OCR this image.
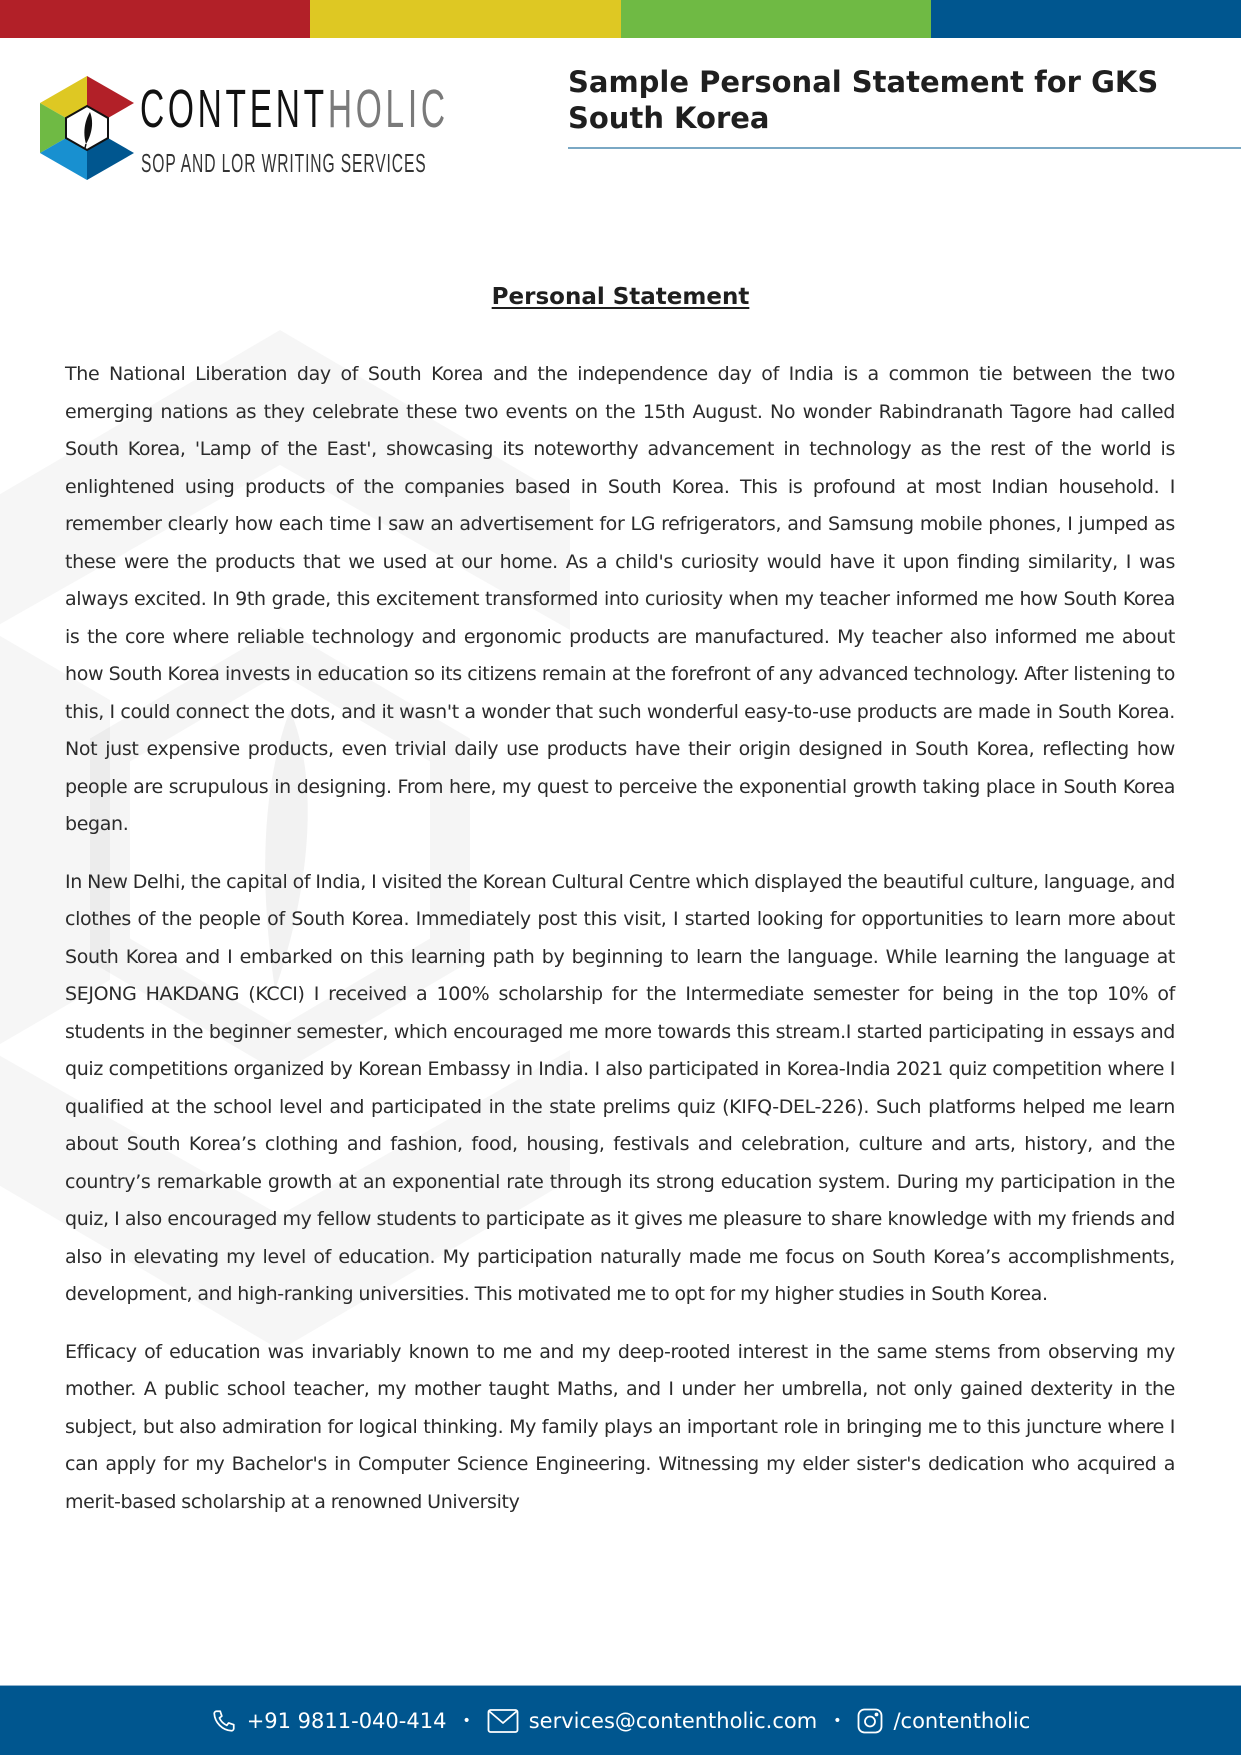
CONTENTHOLIC
SOP AND LOR WRITING SERVICES
Sample Personal Statement for GKS South Korea
Personal Statement

The National Liberation day of South Korea and the independence day of India is a common tie between the two emerging nations as they celebrate these two events on the 15th August. No wonder Rabindranath Tagore had called South Korea, 'Lamp of the East', showcasing its noteworthy advancement in technology as the rest of the world is enlightened using products of the companies based in South Korea. This is profound at most Indian household. I remember clearly how each time I saw an advertisement for LG refrigerators, and Samsung mobile phones, I jumped as these were the products that we used at our home. As a child's curiosity would have it upon finding similarity, I was always excited. In 9th grade, this excitement transformed into curiosity when my teacher informed me how South Korea is the core where reliable technology and ergonomic products are manufactured. My teacher also informed me about how South Korea invests in education so its citizens remain at the forefront of any advanced technology. After listening to this, I could connect the dots, and it wasn't a wonder that such wonderful easy-to-use products are made in South Korea. Not just expensive products, even trivial daily use products have their origin designed in South Korea, reflecting how people are scrupulous in designing. From here, my quest to perceive the exponential growth taking place in South Korea began.

In New Delhi, the capital of India, I visited the Korean Cultural Centre which displayed the beautiful culture, language, and clothes of the people of South Korea. Immediately post this visit, I started looking for opportunities to learn more about South Korea and I embarked on this learning path by beginning to learn the language. While learning the language at SEJONG HAKDANG (KCCI) I received a 100% scholarship for the Intermediate semester for being in the top 10% of students in the beginner semester, which encouraged me more towards this stream.I started participating in essays and quiz competitions organized by Korean Embassy in India. I also participated in Korea-India 2021 quiz competition where I qualified at the school level and participated in the state prelims quiz (KIFQ-DEL-226). Such platforms helped me learn about South Korea’s clothing and fashion, food, housing, festivals and celebration, culture and arts, history, and the country’s remarkable growth at an exponential rate through its strong education system. During my participation in the quiz, I also encouraged my fellow students to participate as it gives me pleasure to share knowledge with my friends and also in elevating my level of education. My participation naturally made me focus on South Korea’s accomplishments, development, and high-ranking universities. This motivated me to opt for my higher studies in South Korea.

Efficacy of education was invariably known to me and my deep-rooted interest in the same stems from observing my mother. A public school teacher, my mother taught Maths, and I under her umbrella, not only gained dexterity in the subject, but also admiration for logical thinking. My family plays an important role in bringing me to this juncture where I can apply for my Bachelor's in Computer Science Engineering. Witnessing my elder sister's dedication who acquired a merit-based scholarship at a renowned University

+91 9811-040-414 •	services@contentholic.com • /contentholic
